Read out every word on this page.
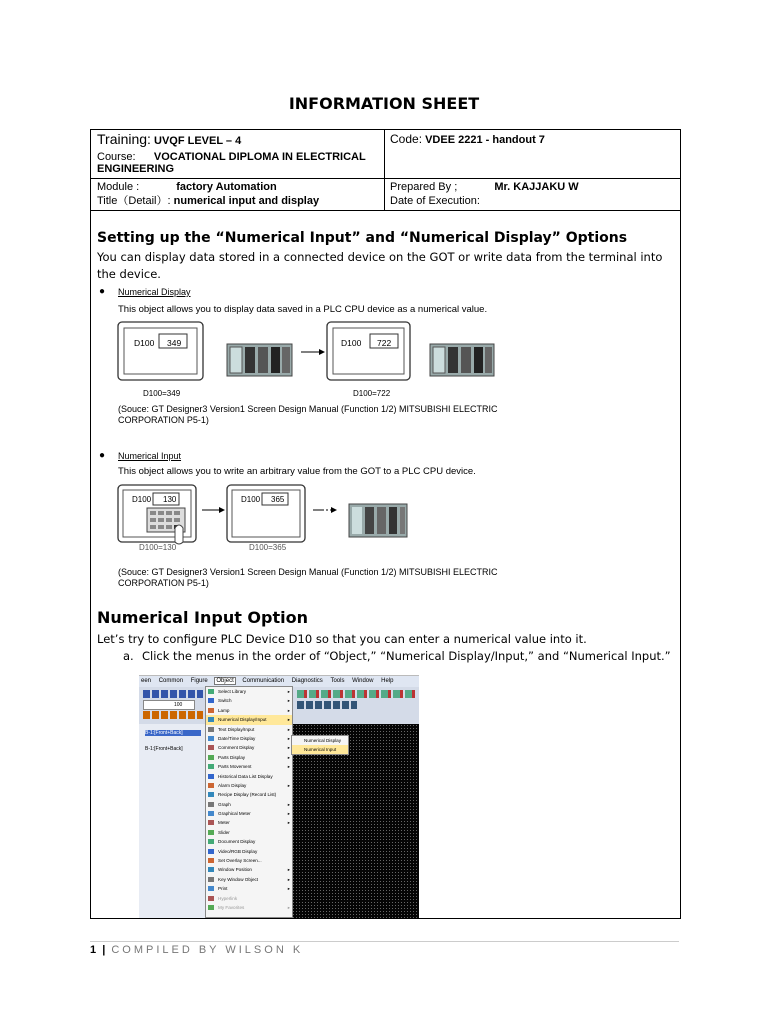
INFORMATION SHEET
Training: UVQF LEVEL – 4
Course: VOCATIONAL DIPLOMA IN ELECTRICAL ENGINEERING
Code: VDEE 2221 - handout 7
Module :	factory Automation
Title（Detail）: numerical input and display
Prepared By ;	Mr. KAJJAKU W
Date of Execution:
Setting up the “Numerical Input” and “Numerical Display” Options
You can display data stored in a connected device on the GOT or write data from the terminal into the device.
● Numerical Display
This object allows you to display data saved in a PLC CPU device as a numerical value.
D100 349	D100 722
D100=349	D100=722
(Souce: GT Designer3 Version1 Screen Design Manual (Function 1/2) MITSUBISHI ELECTRIC CORPORATION P5-1)
● Numerical Input
This object allows you to write an arbitrary value from the GOT to a PLC CPU device.
D100 130	D100 365
D100=130	D100=365
(Souce: GT Designer3 Version1 Screen Design Manual (Function 1/2) MITSUBISHI ELECTRIC CORPORATION P5-1)
Numerical Input Option
Let’s try to configure PLC Device D10 so that you can enter a numerical value into it.
a. Click the menus in the order of “Object,” “Numerical Display/Input,” and “Numerical Input.”
een Common Figure Object Communication Diagnostics Tools Window Help
100
B-1:[Front+Back]
B-1:[Front+Back]
Select Library	▸
Switch	▸
Lamp	▸
Numerical Display/Input	▸
Text Display/Input	▸
Date/Time Display	▸
Comment Display	▸
Parts Display	▸
Parts Movement	▸
Historical Data List Display
Alarm Display	▸
Recipe Display (Record List)
Graph	▸
Graphical Meter	▸
Meter	▸
Slider
Document Display
Video/RGB Display
Set Overlay Screen...
Window Position	▸
Key Window Object	▸
Print	▸
Hyperlink
My Favorites	▸
Numerical Display
Numerical Input
1 | COMPILED BY WILSON K
